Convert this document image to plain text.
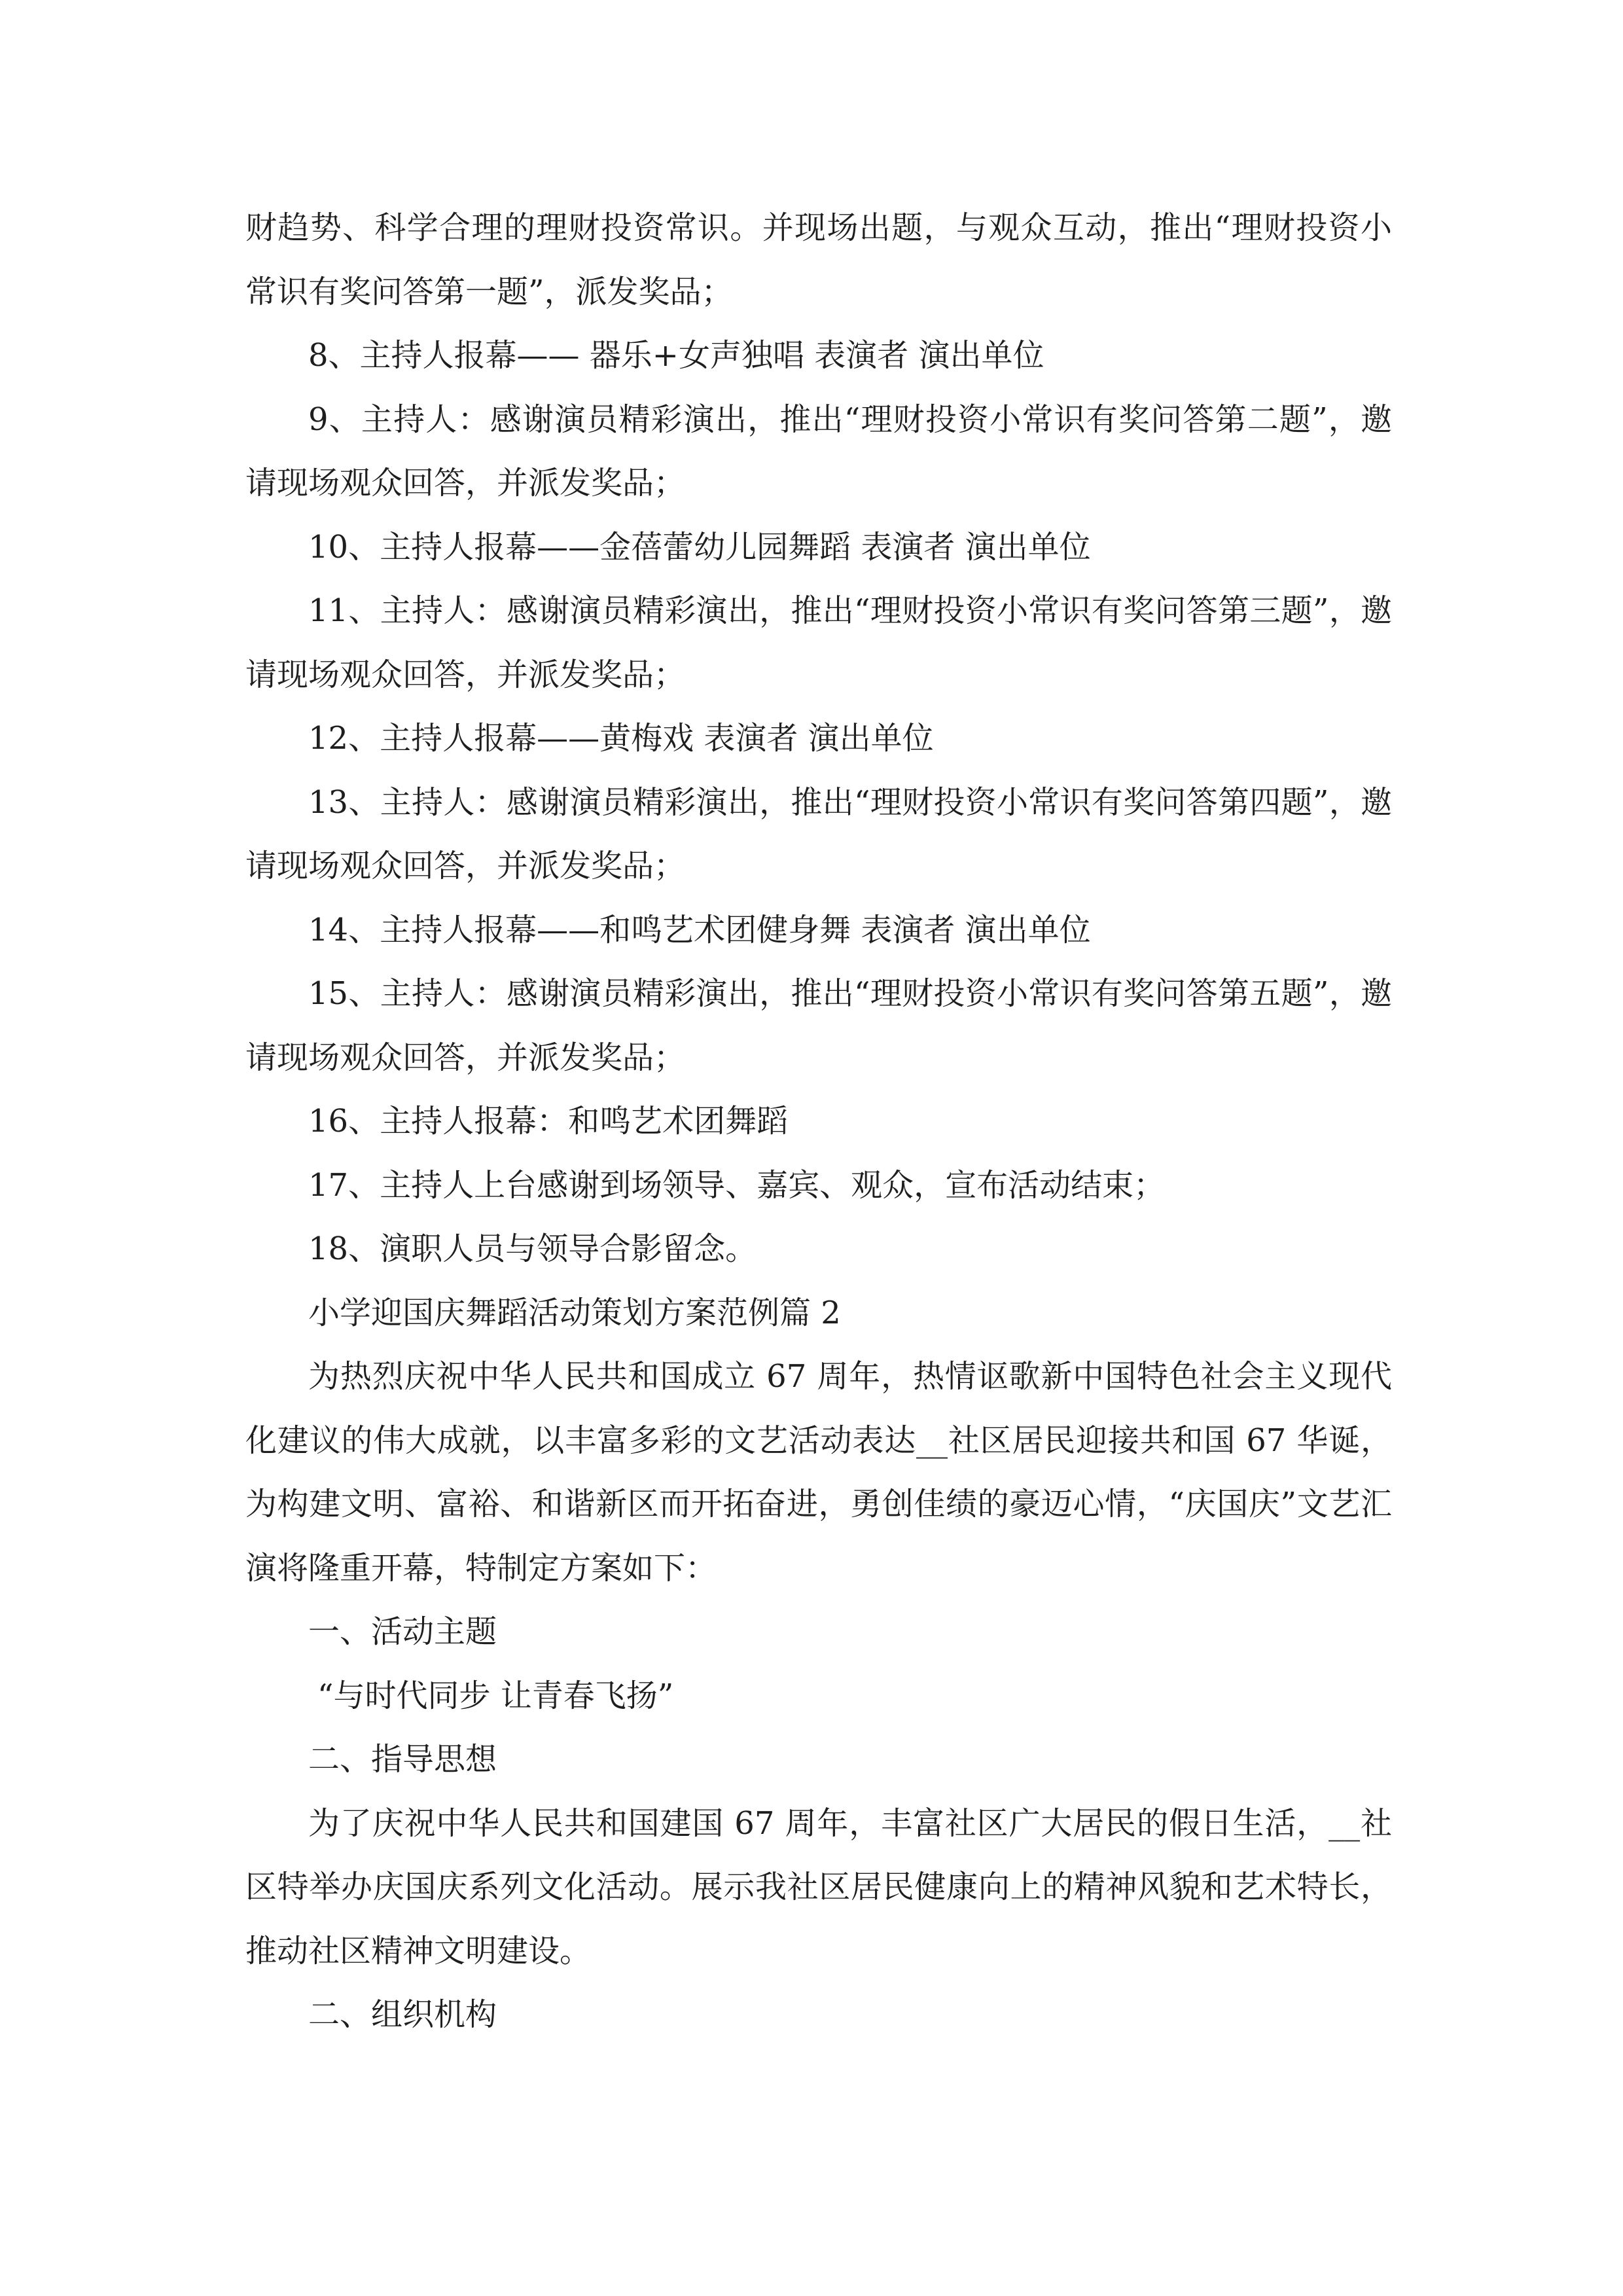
财趋势、科学合理的理财投资常识。并现场出题，与观众互动，推出“理财投资小常识有奖问答第一题”，派发奖品；

8、主持人报幕—— 器乐+女声独唱 表演者 演出单位

9、主持人：感谢演员精彩演出，推出“理财投资小常识有奖问答第二题”，邀请现场观众回答，并派发奖品；

10、主持人报幕——金蓓蕾幼儿园舞蹈 表演者 演出单位

11、主持人：感谢演员精彩演出，推出“理财投资小常识有奖问答第三题”，邀请现场观众回答，并派发奖品；

12、主持人报幕——黄梅戏 表演者 演出单位

13、主持人：感谢演员精彩演出，推出“理财投资小常识有奖问答第四题”，邀请现场观众回答，并派发奖品；

14、主持人报幕——和鸣艺术团健身舞 表演者 演出单位

15、主持人：感谢演员精彩演出，推出“理财投资小常识有奖问答第五题”，邀请现场观众回答，并派发奖品；

16、主持人报幕：和鸣艺术团舞蹈

17、主持人上台感谢到场领导、嘉宾、观众，宣布活动结束；

18、演职人员与领导合影留念。

小学迎国庆舞蹈活动策划方案范例篇 2

为热烈庆祝中华人民共和国成立 67 周年，热情讴歌新中国特色社会主义现代化建议的伟大成就，以丰富多彩的文艺活动表达__社区居民迎接共和国 67 华诞，为构建文明、富裕、和谐新区而开拓奋进，勇创佳绩的豪迈心情，“庆国庆”文艺汇演将隆重开幕，特制定方案如下：

一、活动主题

“与时代同步 让青春飞扬”

二、指导思想

为了庆祝中华人民共和国建国 67 周年，丰富社区广大居民的假日生活，__社区特举办庆国庆系列文化活动。展示我社区居民健康向上的精神风貌和艺术特长，推动社区精神文明建设。

二、组织机构
